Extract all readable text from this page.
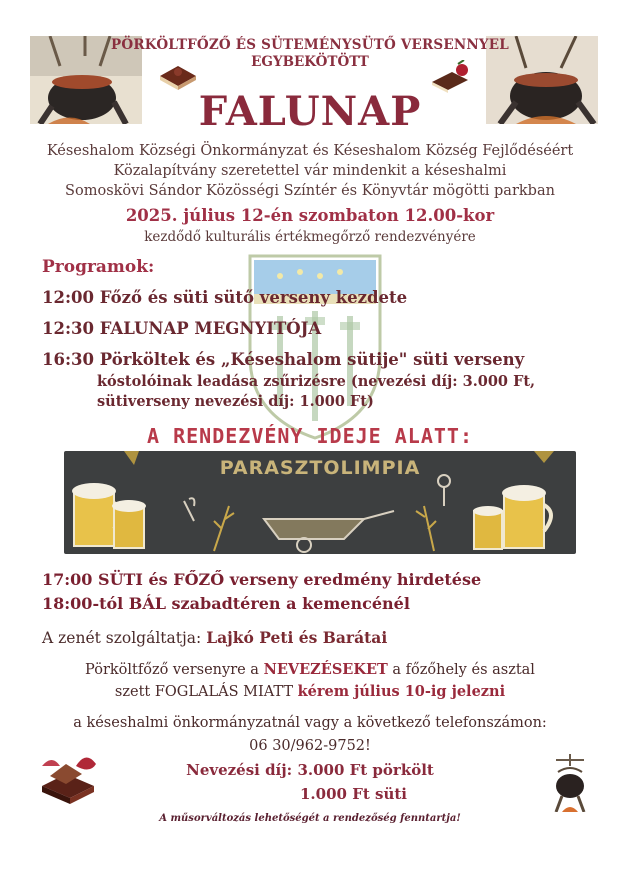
PÖRKÖLTFŐZŐ ÉS SÜTEMÉNYSÜTŐ VERSENNYEL
EGYBEKÖTÖTT
FALUNAP
Késeshalom Községi Önkormányzat és Késeshalom Község Fejlődéséért
Közalapítvány szeretettel vár mindenkit a késeshalmi
Somoskövi Sándor Közösségi Színtér és Könyvtár mögötti parkban
2025. július 12-én szombaton 12.00-kor
kezdődő kulturális értékmegőrző rendezvényére
Programok:
12:00 Főző és süti sütő verseny kezdete
12:30 FALUNAP MEGNYITÓJA
16:30 Pörköltek és „Késeshalom sütije" süti verseny
kóstolóinak leadása zsűrizésre (nevezési díj: 3.000 Ft,
sütiverseny nevezési díj: 1.000 Ft)
A RENDEZVÉNY IDEJE ALATT:
PARASZTOLIMPIA
17:00 SÜTI és FŐZŐ verseny eredmény hirdetése
18:00-tól BÁL szabadtéren a kemencénél
A zenét szolgáltatja: Lajkó Peti és Barátai
Pörköltfőző versenyre a NEVEZÉSEKET a főzőhely és asztal
szett FOGLALÁS MIATT kérem július 10-ig jelezni
a késeshalmi önkormányzatnál vagy a következő telefonszámon:
06 30/962-9752!
Nevezési díj: 3.000 Ft pörkölt
1.000 Ft süti
A műsorváltozás lehetőségét a rendezőség fenntartja!
